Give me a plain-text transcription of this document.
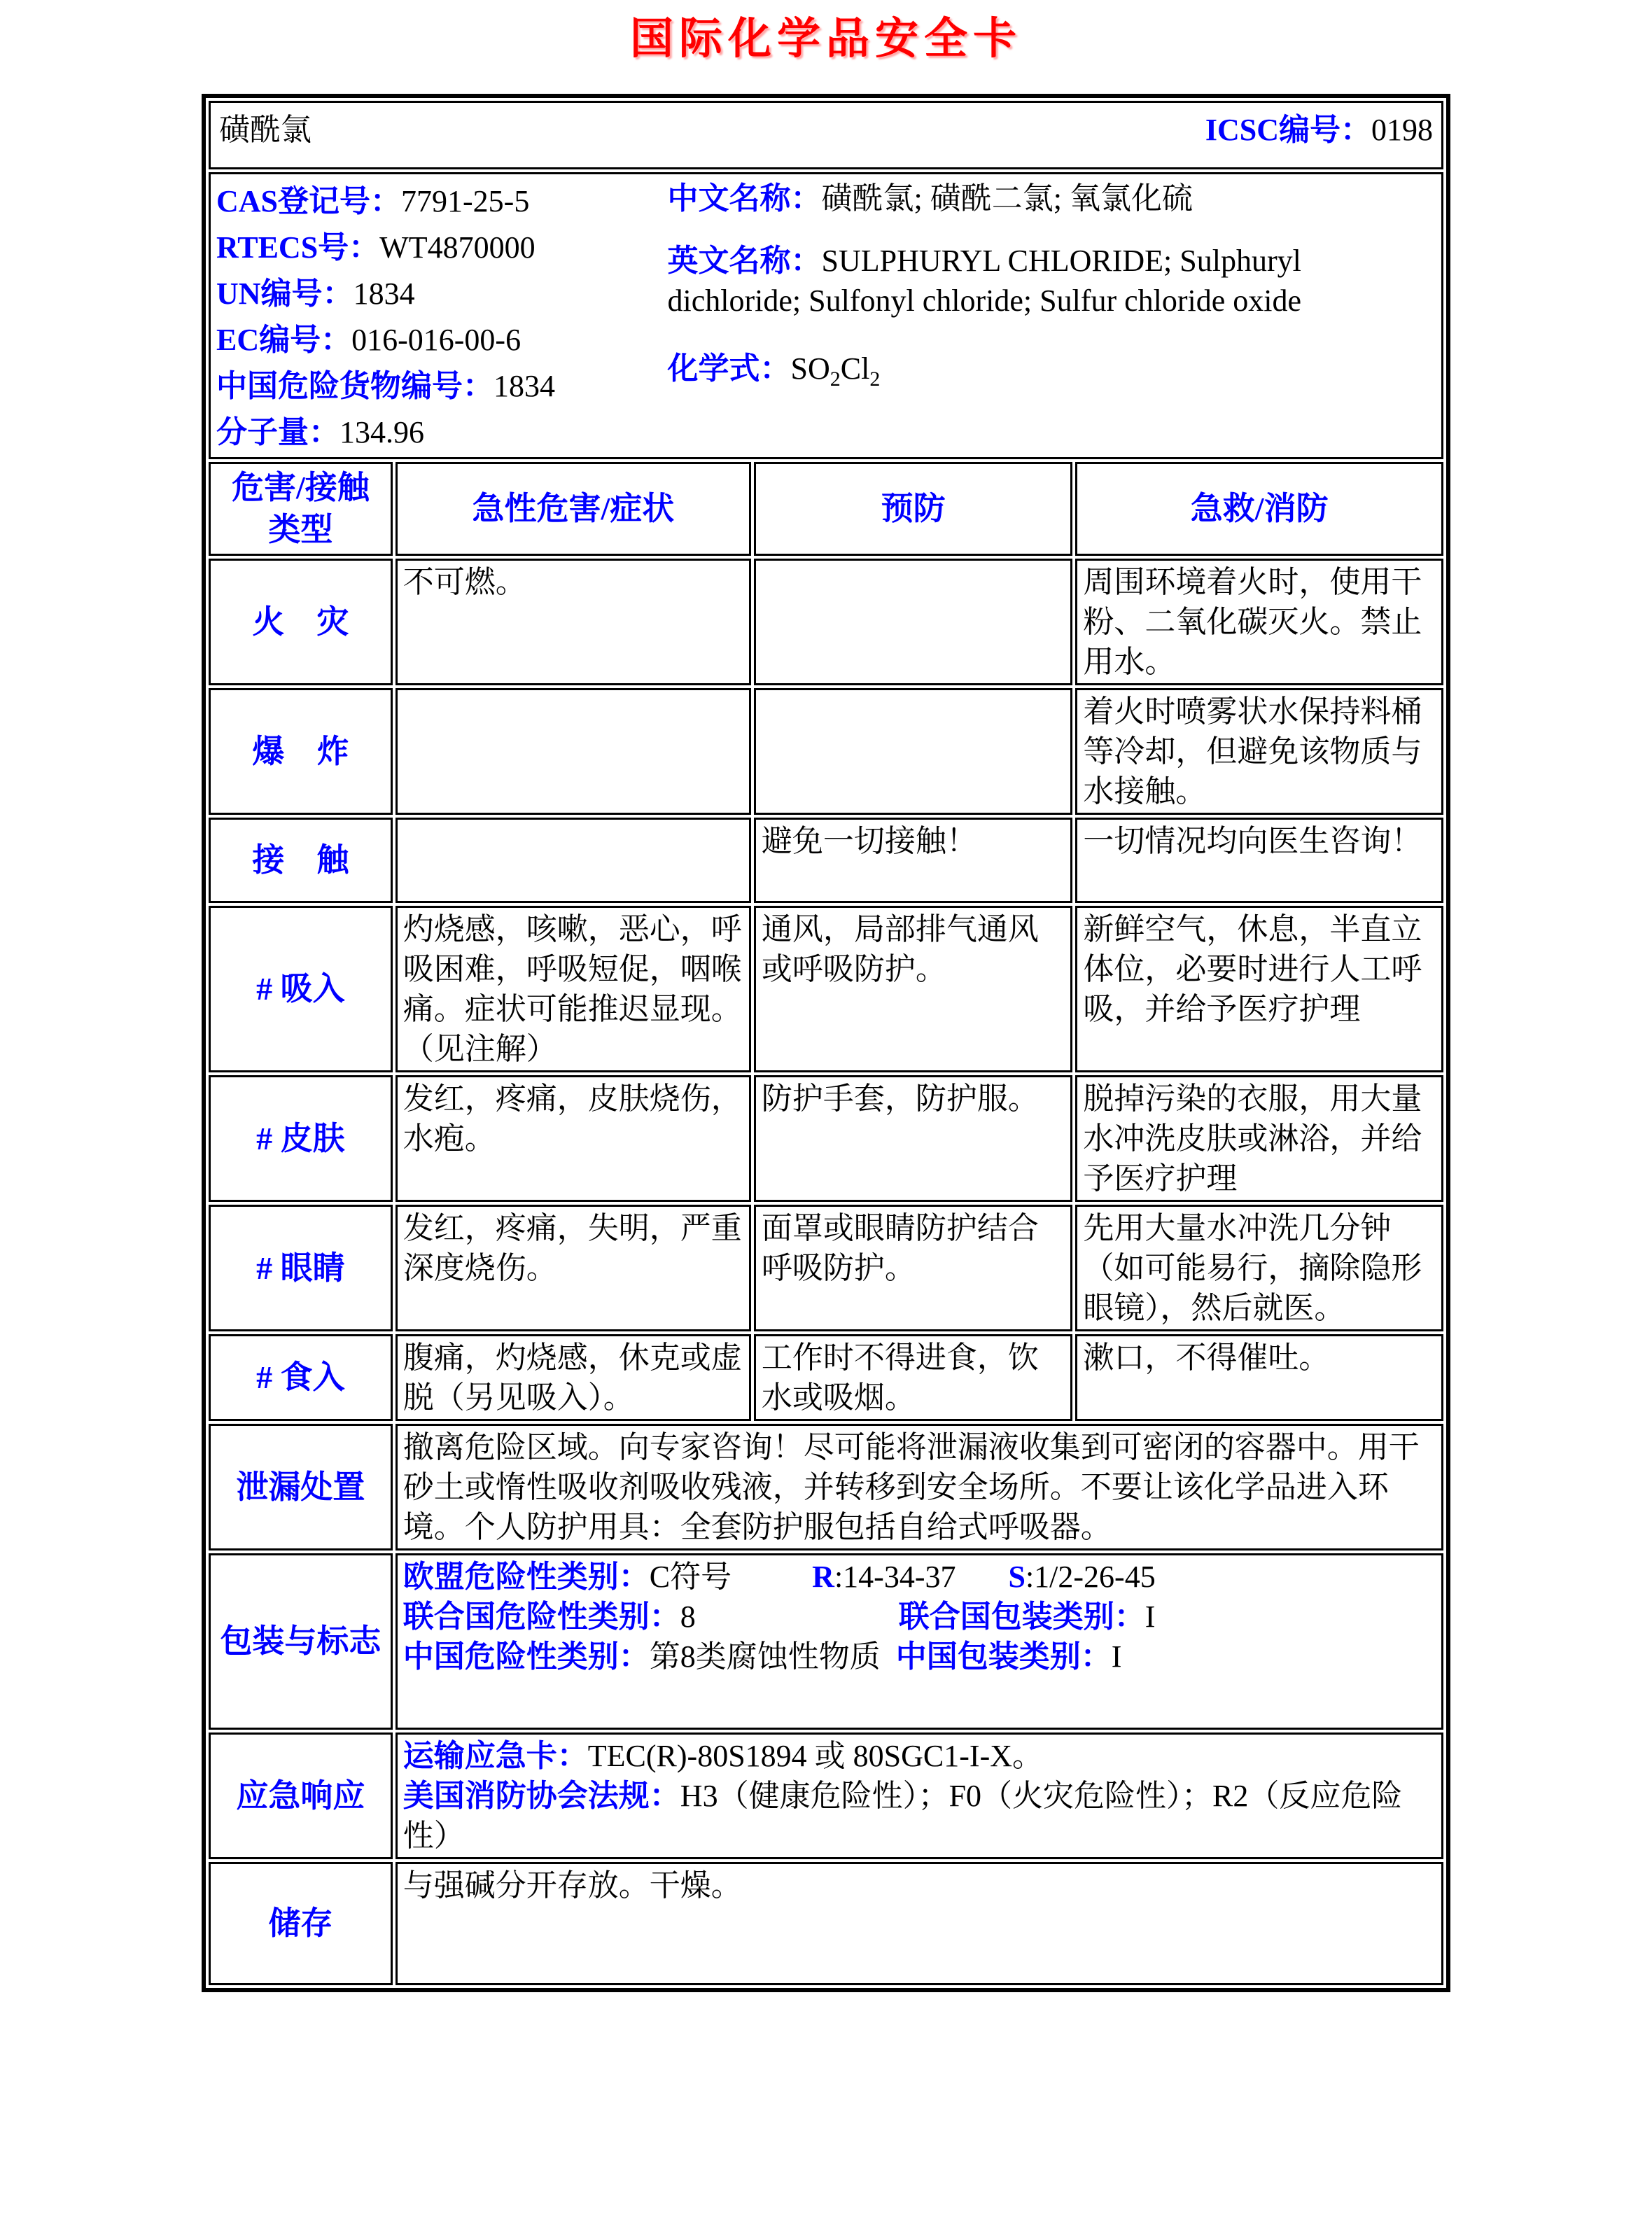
国际化学品安全卡
磺酰氯 ICSC编号：0198			

CAS登记号：7791-25-5
RTECS号：WT4870000
UN编号：1834
EC编号：016-016-00-6
中国危险货物编号：1834
分子量：134.96
中文名称：磺酰氯; 磺酰二氯; 氧氯化硫
英文名称：SULPHURYL CHLORIDE; Sulphuryl dichloride; Sulfonyl chloride; Sulfur chloride oxide
化学式：$SO_2Cl_2$

危害/接触类型	急性危害/症状	预防	急救/消防
火　灾	不可燃。		周围环境着火时，使用干粉、二氧化碳灭火。禁止用水。
爆　炸			着火时喷雾状水保持料桶等冷却，但避免该物质与水接触。
接　触		避免一切接触！	一切情况均向医生咨询！
# 吸入	灼烧感，咳嗽，恶心，呼吸困难，呼吸短促，咽喉痛。症状可能推迟显现。（见注解）	通风，局部排气通风或呼吸防护。	新鲜空气，休息，半直立体位，必要时进行人工呼吸，并给予医疗护理
# 皮肤	发红，疼痛，皮肤烧伤，水疱。	防护手套，防护服。	脱掉污染的衣服，用大量水冲洗皮肤或淋浴，并给予医疗护理
# 眼睛	发红，疼痛，失明，严重深度烧伤。	面罩或眼睛防护结合呼吸防护。	先用大量水冲洗几分钟（如可能易行，摘除隐形眼镜），然后就医。
# 食入	腹痛，灼烧感，休克或虚脱（另见吸入）。	工作时不得进食，饮水或吸烟。	漱口，不得催吐。
泄漏处置	撤离危险区域。向专家咨询！尽可能将泄漏液收集到可密闭的容器中。用干砂土或惰性吸收剂吸收残液，并转移到安全场所。不要让该化学品进入环境。个人防护用具：全套防护服包括自给式呼吸器。		
包装与标志	欧盟危险性类别：C符号 R:14-34-37 S:1/2-26-45
联合国危险性类别：8 联合国包装类别：I
中国危险性类别：第8类腐蚀性物质 中国包装类别：I		

应急响应	运输应急卡：TEC(R)-80S1894 或 80SGC1-I-X。
美国消防协会法规：H3（健康危险性）；F0（火灾危险性）；R2（反应危险性）		

储存	与强碱分开存放。干燥。		
